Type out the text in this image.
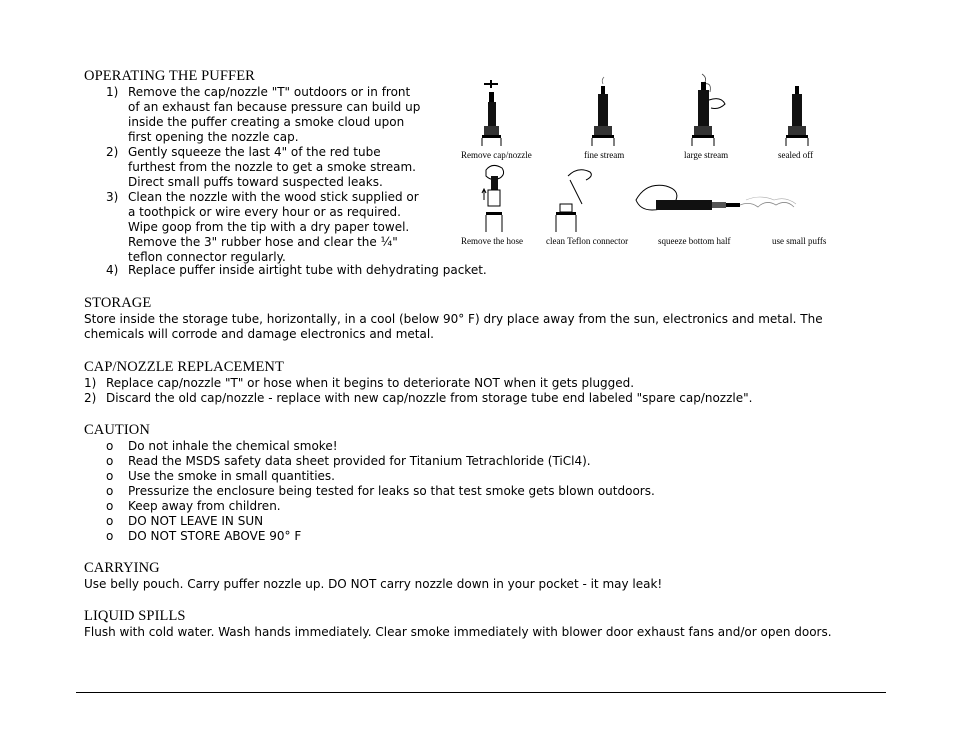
OPERATING THE PUFFER
1) Remove the cap/nozzle "T" outdoors or in front
of an exhaust fan because pressure can build up
inside the puffer creating a smoke cloud upon
first opening the nozzle cap.
2) Gently squeeze the last 4" of the red tube
furthest from the nozzle to get a smoke stream.
Direct small puffs toward suspected leaks.
3) Clean the nozzle with the wood stick supplied or
a toothpick or wire every hour or as required.
Wipe goop from the tip with a dry paper towel.
Remove the 3" rubber hose and clear the ¼"
teflon connector regularly.
4) Replace puffer inside airtight tube with dehydrating packet.
Remove cap/nozzle	fine stream	large stream	sealed off
Remove the hose	clean Teflon connector	squeeze bottom half	use small puffs
STORAGE
Store inside the storage tube, horizontally, in a cool (below 90° F) dry place away from the sun, electronics and metal. The
chemicals will corrode and damage electronics and metal.
CAP/NOZZLE REPLACEMENT
1) Replace cap/nozzle "T" or hose when it begins to deteriorate NOT when it gets plugged.
2) Discard the old cap/nozzle - replace with new cap/nozzle from storage tube end labeled "spare cap/nozzle".
CAUTION
o Do not inhale the chemical smoke!
o Read the MSDS safety data sheet provided for Titanium Tetrachloride (TiCl4).
o Use the smoke in small quantities.
o Pressurize the enclosure being tested for leaks so that test smoke gets blown outdoors.
o Keep away from children.
o DO NOT LEAVE IN SUN
o DO NOT STORE ABOVE 90° F
CARRYING
Use belly pouch. Carry puffer nozzle up. DO NOT carry nozzle down in your pocket - it may leak!
LIQUID SPILLS
Flush with cold water. Wash hands immediately. Clear smoke immediately with blower door exhaust fans and/or open doors.
